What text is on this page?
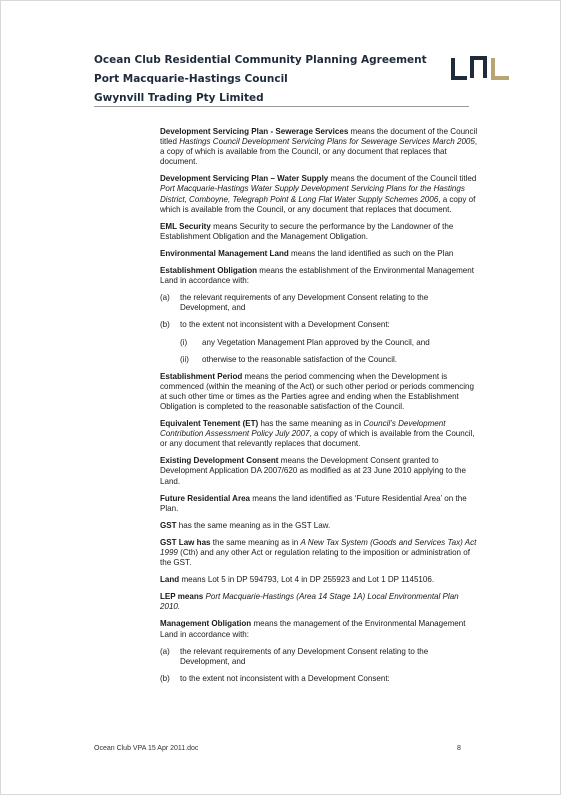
Ocean Club Residential Community Planning Agreement
Port Macquarie-Hastings Council
Gwynvill Trading Pty Limited

Development Servicing Plan - Sewerage Services means the document of the Council titled Hastings Council Development Servicing Plans for Sewerage Services March 2005, a copy of which is available from the Council, or any document that replaces that document.

Development Servicing Plan – Water Supply means the document of the Council titled Port Macquarie-Hastings Water Supply Development Servicing Plans for the Hastings District, Comboyne, Telegraph Point & Long Flat Water Supply Schemes 2006, a copy of which is available from the Council, or any document that replaces that document.

EML Security means Security to secure the performance by the Landowner of the Establishment Obligation and the Management Obligation.

Environmental Management Land means the land identified as such on the Plan

Establishment Obligation means the establishment of the Environmental Management Land in accordance with:

(a) the relevant requirements of any Development Consent relating to the Development, and
(b) to the extent not inconsistent with a Development Consent:
(i) any Vegetation Management Plan approved by the Council, and
(ii) otherwise to the reasonable satisfaction of the Council.

Establishment Period means the period commencing when the Development is commenced (within the meaning of the Act) or such other period or periods commencing at such other time or times as the Parties agree and ending when the Establishment Obligation is completed to the reasonable satisfaction of the Council.

Equivalent Tenement (ET) has the same meaning as in Council’s Development Contribution Assessment Policy July 2007, a copy of which is available from the Council, or any document that relevantly replaces that document.

Existing Development Consent means the Development Consent granted to Development Application DA 2007/620 as modified as at 23 June 2010 applying to the Land.

Future Residential Area means the land identified as ‘Future Residential Area’ on the Plan.

GST has the same meaning as in the GST Law.

GST Law has the same meaning as in A New Tax System (Goods and Services Tax) Act 1999 (Cth) and any other Act or regulation relating to the imposition or administration of the GST.

Land means Lot 5 in DP 594793, Lot 4 in DP 255923 and Lot 1 DP 1145106.

LEP means Port Macquarie-Hastings (Area 14 Stage 1A) Local Environmental Plan 2010.

Management Obligation means the management of the Environmental Management Land in accordance with:

(a) the relevant requirements of any Development Consent relating to the Development, and
(b) to the extent not inconsistent with a Development Consent:
Ocean Club VPA 15 Apr 2011.doc	8
